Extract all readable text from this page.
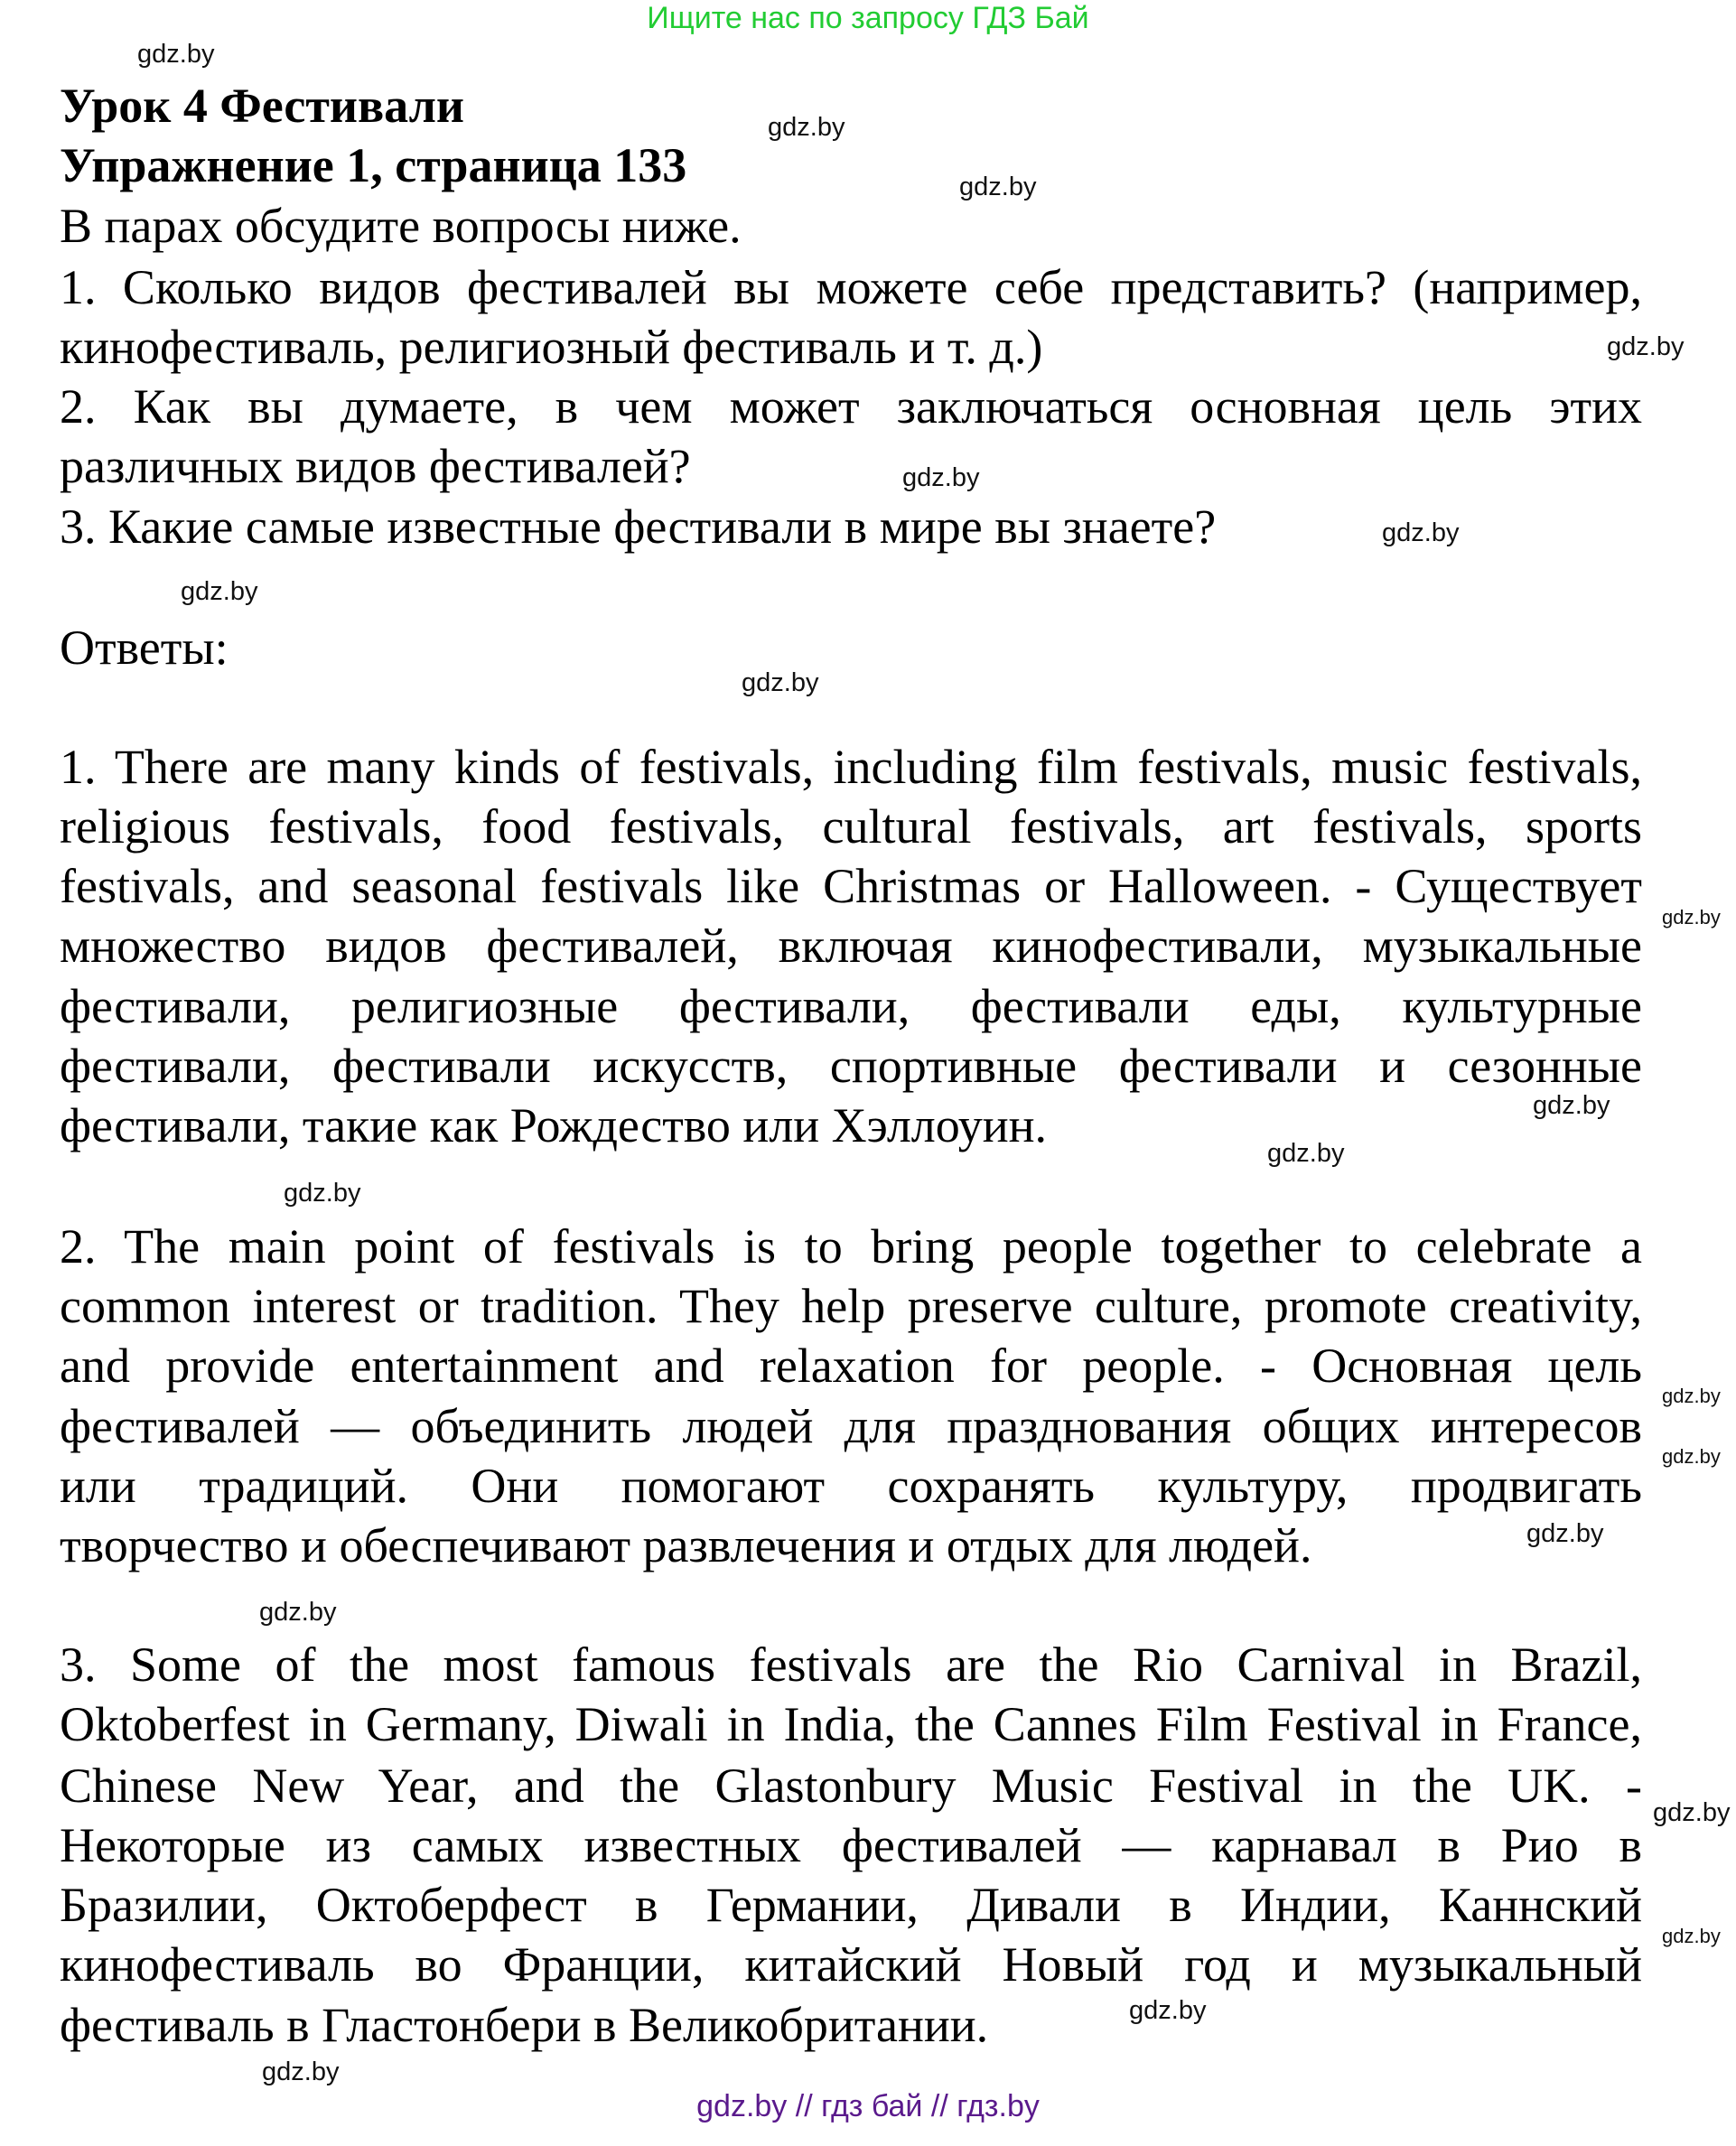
Ищите нас по запросу ГДЗ Бай
Урок 4 Фестивали
Упражнение 1, страница 133
В парах обсудите вопросы ниже.
1. Сколько видов фестивалей вы можете себе представить? (например,
кинофестиваль, религиозный фестиваль и т. д.)
2. Как вы думаете, в чем может заключаться основная цель этих
различных видов фестивалей?
3. Какие самые известные фестивали в мире вы знаете?
Ответы:
1. There are many kinds of festivals, including film festivals, music festivals,
religious festivals, food festivals, cultural festivals, art festivals, sports
festivals, and seasonal festivals like Christmas or Halloween. - Существует
множество видов фестивалей, включая кинофестивали, музыкальные
фестивали, религиозные фестивали, фестивали еды, культурные
фестивали, фестивали искусств, спортивные фестивали и сезонные
фестивали, такие как Рождество или Хэллоуин.
2. The main point of festivals is to bring people together to celebrate a
common interest or tradition. They help preserve culture, promote creativity,
and provide entertainment and relaxation for people. - Основная цель
фестивалей — объединить людей для празднования общих интересов
или традиций. Они помогают сохранять культуру, продвигать
творчество и обеспечивают развлечения и отдых для людей.
3. Some of the most famous festivals are the Rio Carnival in Brazil,
Oktoberfest in Germany, Diwali in India, the Cannes Film Festival in France,
Chinese New Year, and the Glastonbury Music Festival in the UK. -
Некоторые из самых известных фестивалей — карнавал в Рио в
Бразилии, Октоберфест в Германии, Дивали в Индии, Каннский
кинофестиваль во Франции, китайский Новый год и музыкальный
фестиваль в Гластонбери в Великобритании.
gdz.by
gdz.by
gdz.by
gdz.by
gdz.by
gdz.by
gdz.by
gdz.by
gdz.by
gdz.by
gdz.by
gdz.by
gdz.by
gdz.by
gdz.by
gdz.by
gdz.by
gdz.by
gdz.by
gdz.by
gdz.by // гдз бай // гдз.by
